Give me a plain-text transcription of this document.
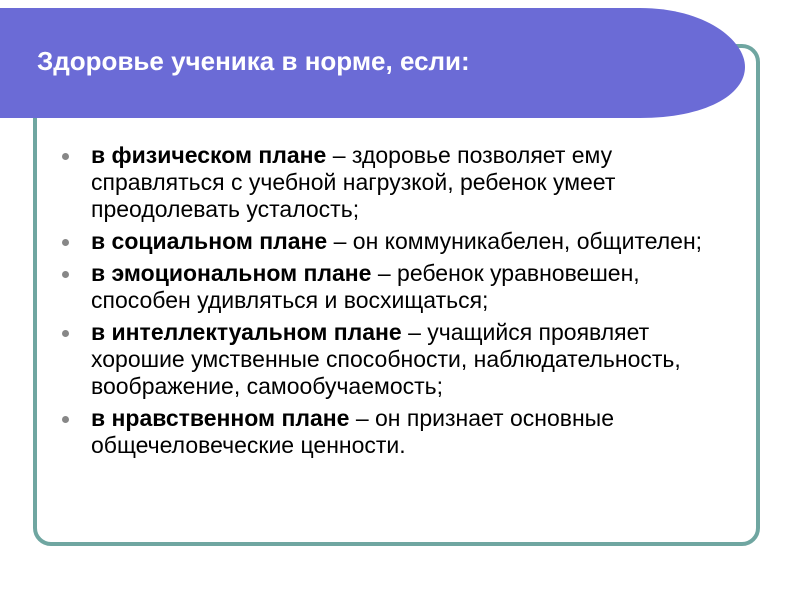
Здоровье ученика в норме, если:
в физическом плане – здоровье позволяет ему справляться с учебной нагрузкой, ребенок умеет преодолевать усталость;
в социальном плане – он коммуникабелен, общителен;
в эмоциональном плане – ребенок уравновешен, способен удивляться и восхищаться;
в интеллектуальном плане – учащийся проявляет хорошие умственные способности, наблюдательность, воображение, самообучаемость;
в нравственном плане – он признает основные общечеловеческие ценности.
